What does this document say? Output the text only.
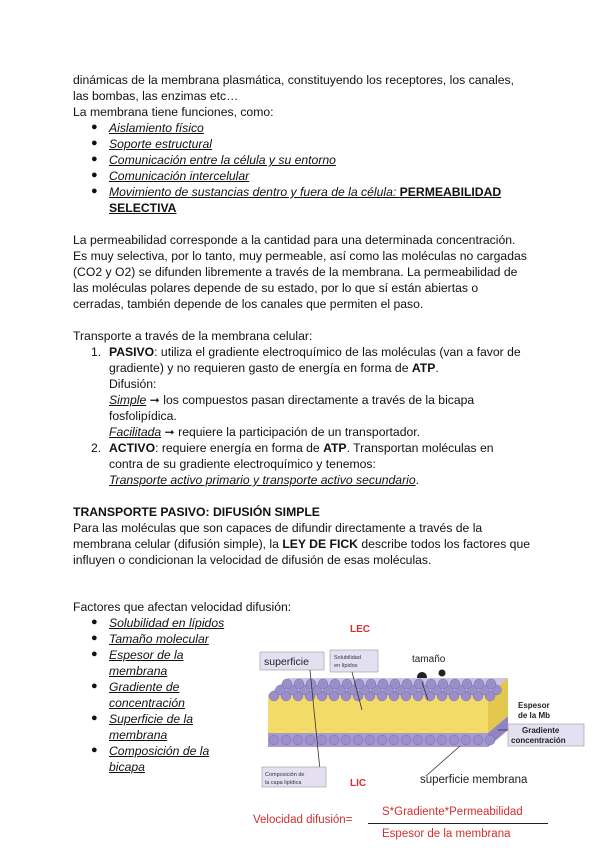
dinámicas de la membrana plasmática, constituyendo los receptores, los canales,
las bombas, las enzimas etc…
La membrana tiene funciones, como:
● Aislamiento físico
● Soporte estructural
● Comunicación entre la célula y su entorno
● Comunicación intercelular
● Movimiento de sustancias dentro y fuera de la célula: PERMEABILIDAD
SELECTIVA
La permeabilidad corresponde a la cantidad para una determinada concentración.
Es muy selectiva, por lo tanto, muy permeable, así como las moléculas no cargadas
(CO2 y O2) se difunden libremente a través de la membrana. La permeabilidad de
las moléculas polares depende de su estado, por lo que sí están abiertas o
cerradas, también depende de los canales que permiten el paso.
Transporte a través de la membrana celular:
1. PASIVO: utiliza el gradiente electroquímico de las moléculas (van a favor de
gradiente) y no requieren gasto de energía en forma de ATP.
Difusión:
Simple ➞ los compuestos pasan directamente a través de la bicapa
fosfolipídica.
Facilitada ➞ requiere la participación de un transportador.
2. ACTIVO: requiere energía en forma de ATP. Transportan moléculas en
contra de su gradiente electroquímico y tenemos:
Transporte activo primario y transporte activo secundario.
TRANSPORTE PASIVO: DIFUSIÓN SIMPLE
Para las moléculas que son capaces de difundir directamente a través de la
membrana celular (difusión simple), la LEY DE FICK describe todos los factores que
influyen o condicionan la velocidad de difusión de esas moléculas.
Factores que afectan velocidad difusión:
● Solubilidad en lípidos
● Tamaño molecular
● Espesor de la
membrana
● Gradiente de
concentración
● Superficie de la
membrana
● Composición de la
bicapa
LEC
LIC
superficie	Solubilidad
en lípidos
tamaño
Espesor
de la Mb
Gradiente
concentración
Composición de
la capa lipídica	superficie membrana
Velocidad difusión=
S*Gradiente*Permeabilidad
Espesor de la membrana
